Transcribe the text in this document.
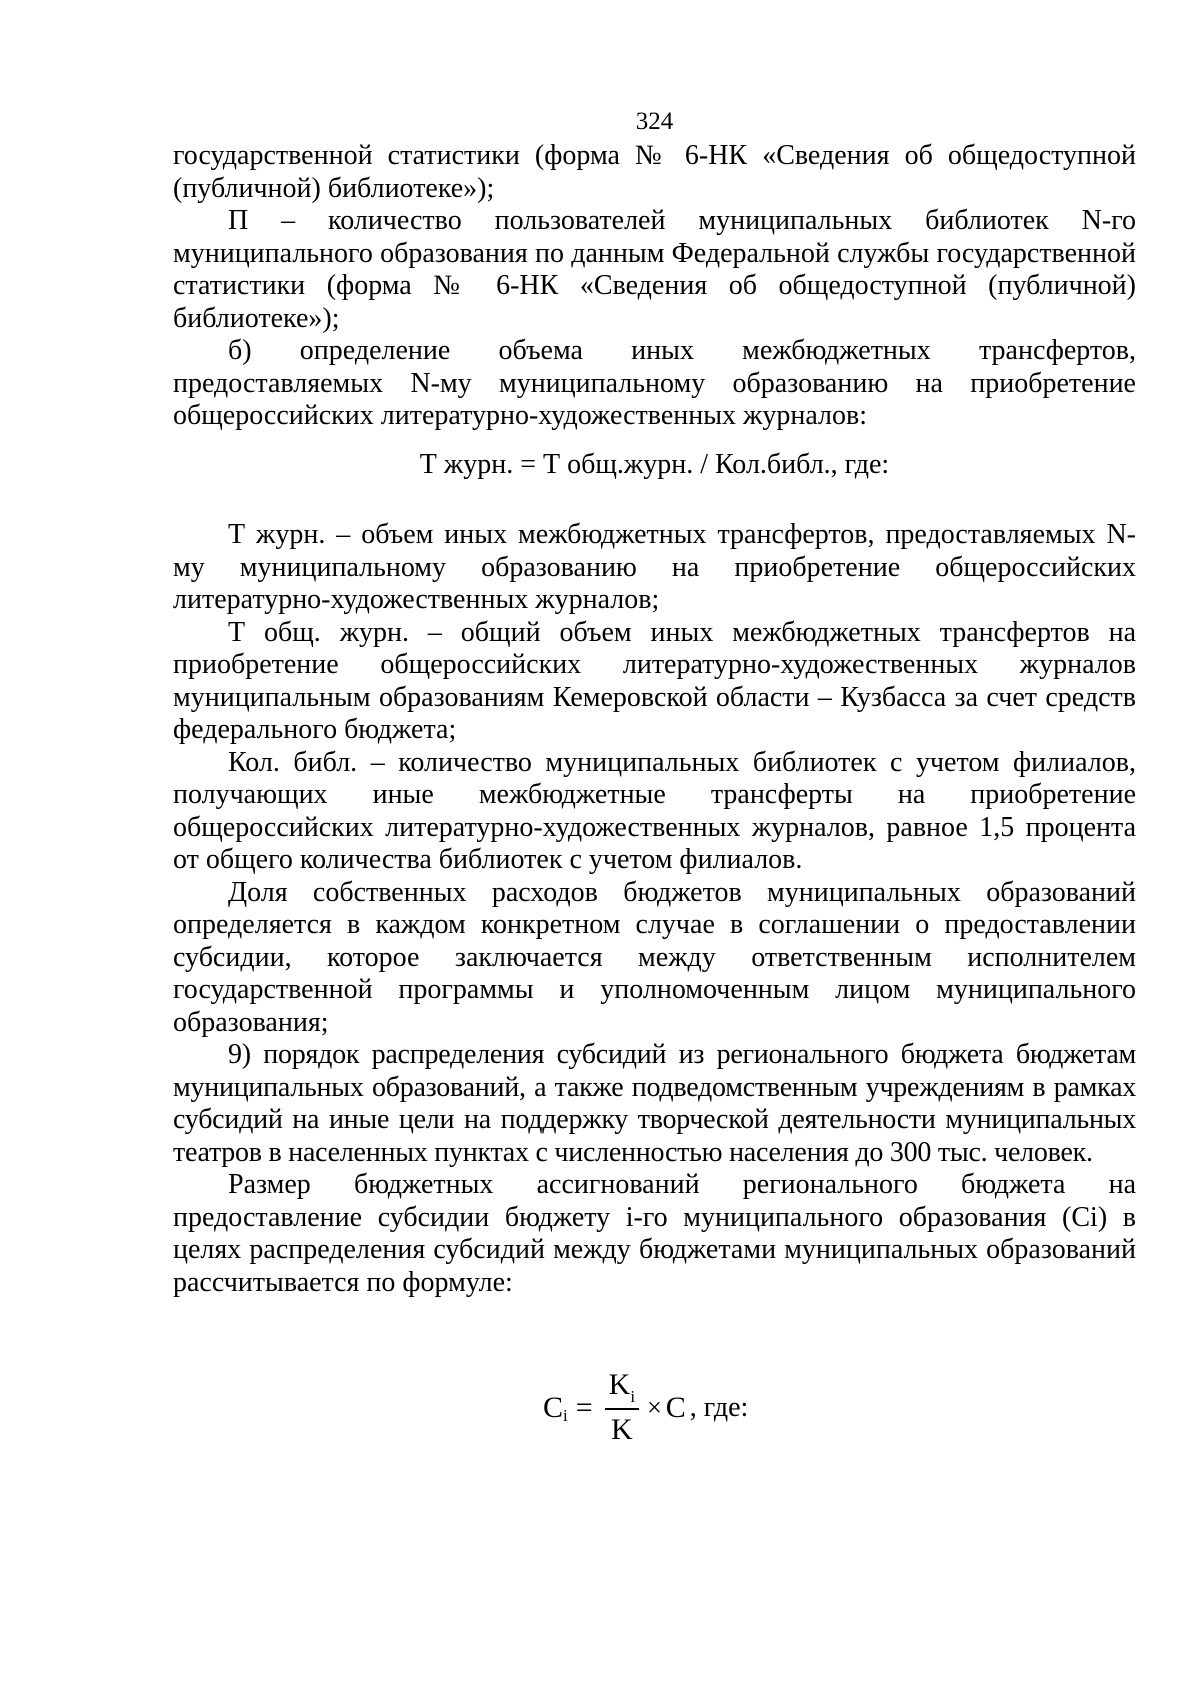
324

государственной статистики (форма № 6-НК «Сведения об общедоступной (публичной) библиотеке»);

П – количество пользователей муниципальных библиотек N-го муниципального образования по данным Федеральной службы государственной статистики (форма № 6-НК «Сведения об общедоступной (публичной) библиотеке»);

б) определение объема иных межбюджетных трансфертов, предоставляемых N-му муниципальному образованию на приобретение общероссийских литературно-художественных журналов:

Т журн. = Т общ.журн. / Кол.библ., где:

Т журн. – объем иных межбюджетных трансфертов, предоставляемых N-му муниципальному образованию на приобретение общероссийских литературно-художественных журналов;

Т общ. журн. – общий объем иных межбюджетных трансфертов на приобретение общероссийских литературно-художественных журналов муниципальным образованиям Кемеровской области – Кузбасса за счет средств федерального бюджета;

Кол. библ. – количество муниципальных библиотек с учетом филиалов, получающих иные межбюджетные трансферты на приобретение общероссийских литературно-художественных журналов, равное 1,5 процента от общего количества библиотек с учетом филиалов.

Доля собственных расходов бюджетов муниципальных образований определяется в каждом конкретном случае в соглашении о предоставлении субсидии, которое заключается между ответственным исполнителем государственной программы и уполномоченным лицом муниципального образования;

9) порядок распределения субсидий из регионального бюджета бюджетам муниципальных образований, а также подведомственным учреждениям в рамках субсидий на иные цели на поддержку творческой деятельности муниципальных театров в населенных пунктах с численностью населения до 300 тыс. человек.

Размер бюджетных ассигнований регионального бюджета на предоставление субсидии бюджету i-го муниципального образования (Ci) в целях распределения субсидий между бюджетами муниципальных образований рассчитывается по формуле:

C $i = \frac{K_i}{K} \times C$ , где:
